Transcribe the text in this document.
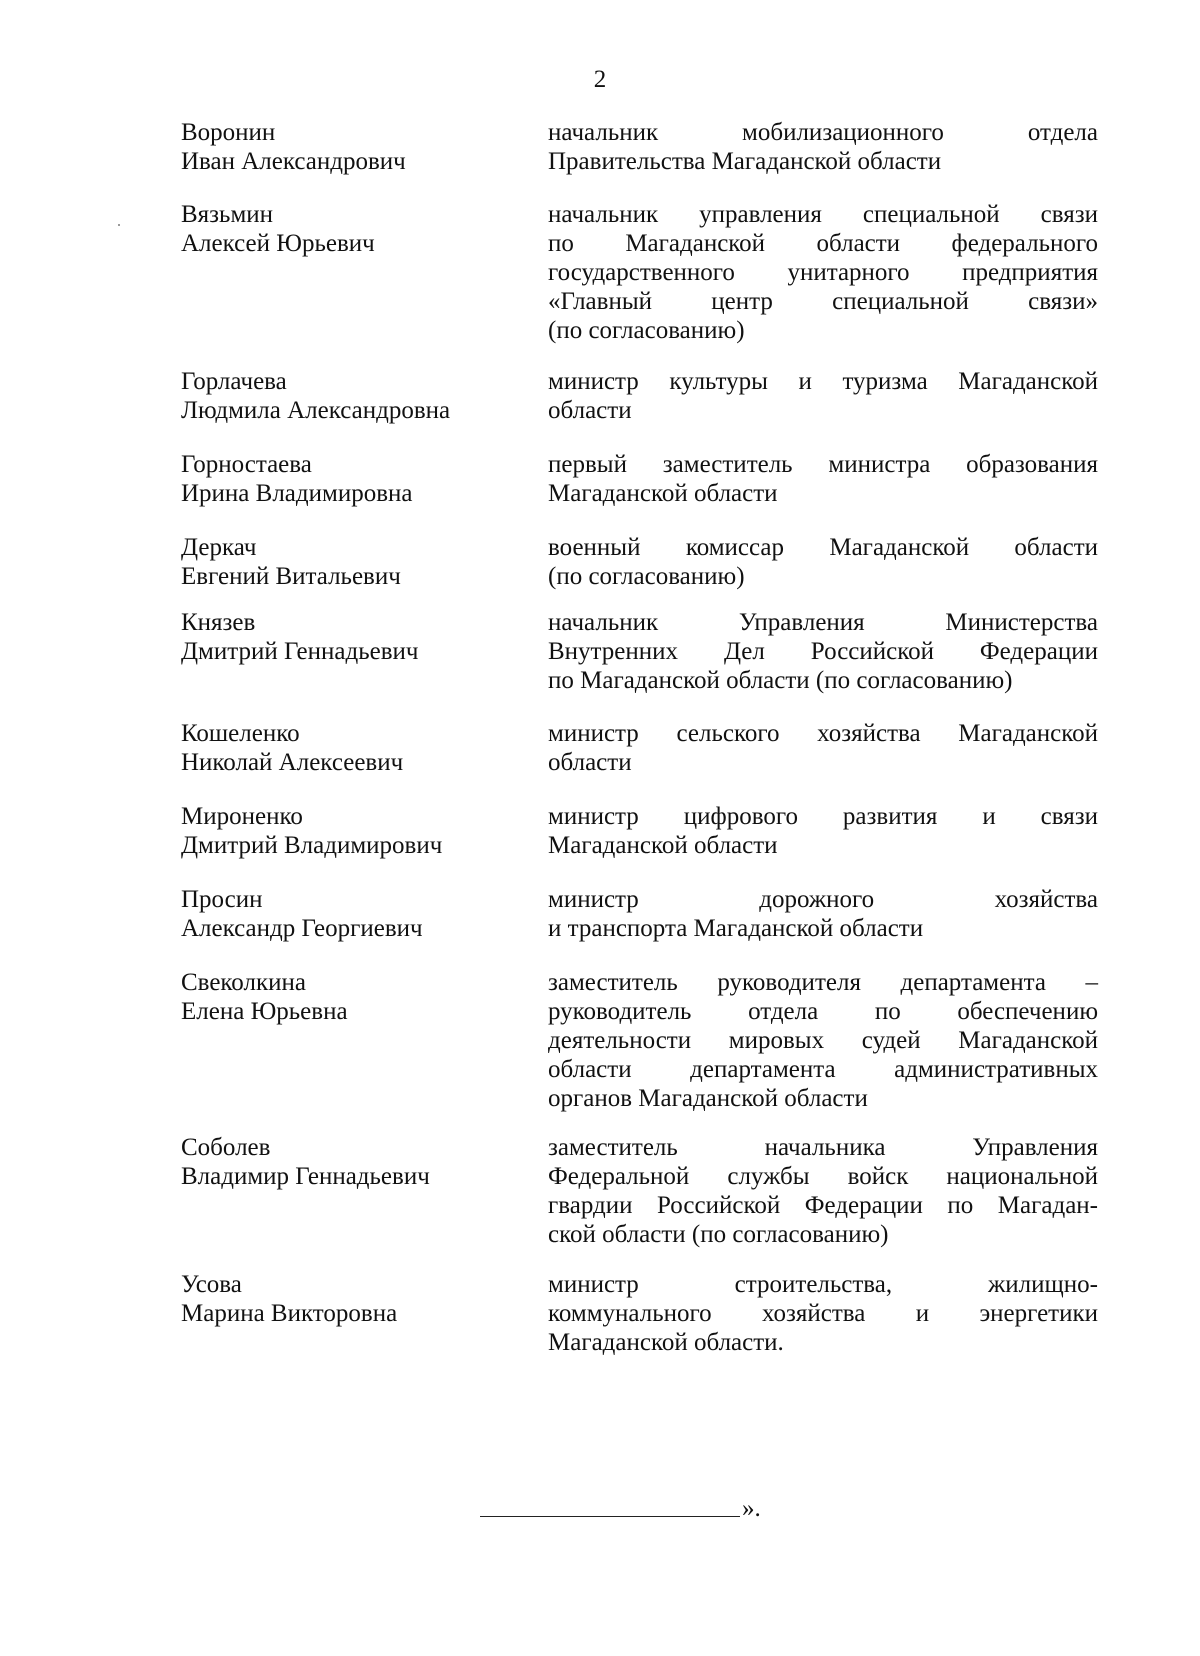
2
Воронин
Иван Александрович
начальник мобилизационного отдела
Правительства Магаданской области
Вязьмин
Алексей Юрьевич
начальник управления специальной связи
по Магаданской области федерального
государственного унитарного предприятия
«Главный центр специальной связи»
(по согласованию)
Горлачева
Людмила Александровна
министр культуры и туризма Магаданской
области
Горностаева
Ирина Владимировна
первый заместитель министра образования
Магаданской области
Деркач
Евгений Витальевич
военный комиссар Магаданской области
(по согласованию)
Князев
Дмитрий Геннадьевич
начальник Управления Министерства
Внутренних Дел Российской Федерации
по Магаданской области (по согласованию)
Кошеленко
Николай Алексеевич
министр сельского хозяйства Магаданской
области
Мироненко
Дмитрий Владимирович
министр цифрового развития и связи
Магаданской области
Просин
Александр Георгиевич
министр дорожного хозяйства
и транспорта Магаданской области
Свеколкина
Елена Юрьевна
заместитель руководителя департамента –
руководитель отдела по обеспечению
деятельности мировых судей Магаданской
области департамента административных
органов Магаданской области
Соболев
Владимир Геннадьевич
заместитель начальника Управления
Федеральной службы войск национальной
гвардии Российской Федерации по Магадан-
ской области (по согласованию)
Усова
Марина Викторовна
министр строительства, жилищно-
коммунального хозяйства и энергетики
Магаданской области.
».
